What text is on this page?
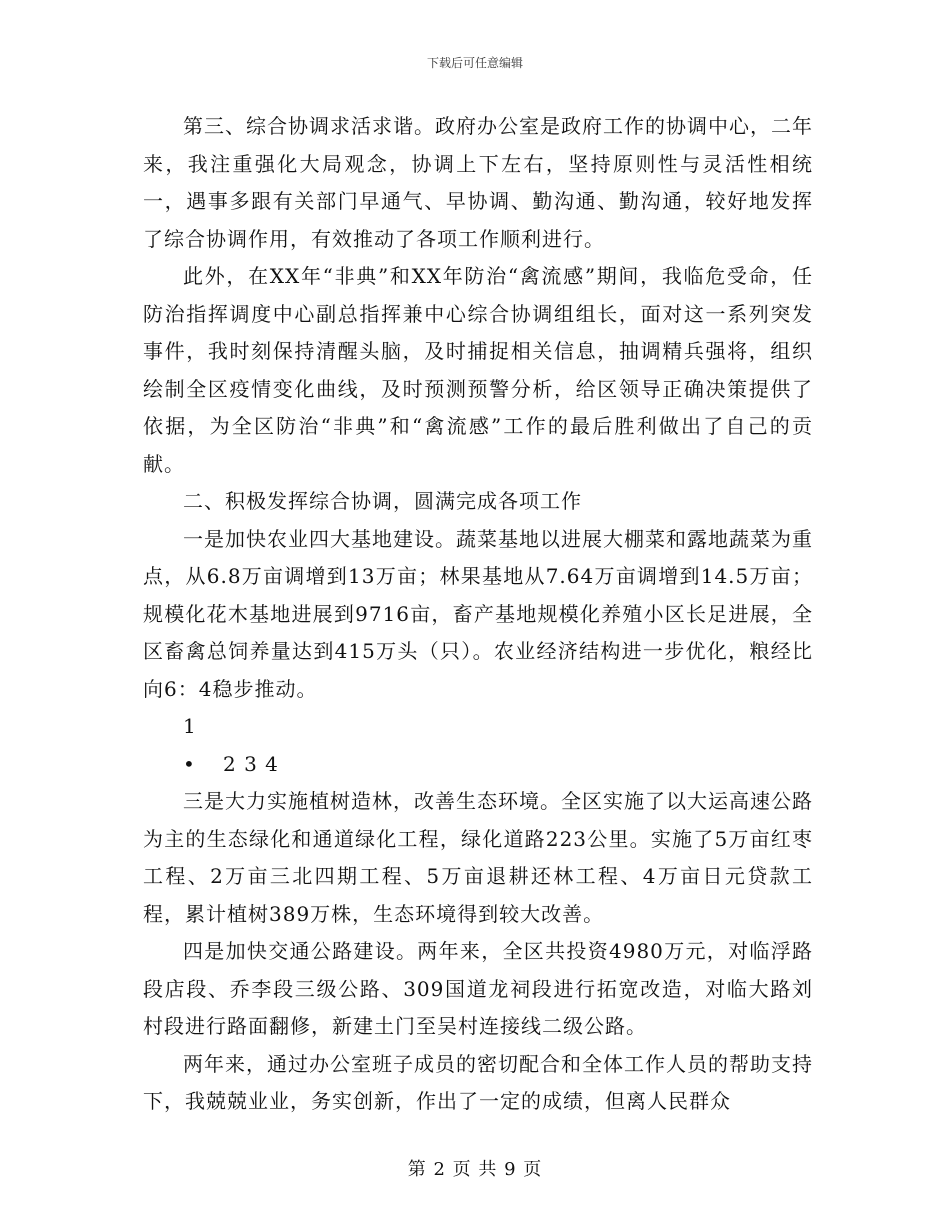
下载后可任意编辑

第三、综合协调求活求谐。政府办公室是政府工作的协调中心，二年来，我注重强化大局观念，协调上下左右，坚持原则性与灵活性相统一，遇事多跟有关部门早通气、早协调、勤沟通、勤沟通，较好地发挥了综合协调作用，有效推动了各项工作顺利进行。

此外，在XX年“非典”和XX年防治“禽流感”期间，我临危受命，任防治指挥调度中心副总指挥兼中心综合协调组组长，面对这一系列突发事件，我时刻保持清醒头脑，及时捕捉相关信息，抽调精兵强将，组织绘制全区疫情变化曲线，及时预测预警分析，给区领导正确决策提供了依据，为全区防治“非典”和“禽流感”工作的最后胜利做出了自己的贡献。

二、积极发挥综合协调，圆满完成各项工作

一是加快农业四大基地建设。蔬菜基地以进展大棚菜和露地蔬菜为重点，从6.8万亩调增到13万亩；林果基地从7.64万亩调增到14.5万亩；规模化花木基地进展到9716亩，畜产基地规模化养殖小区长足进展，全区畜禽总饲养量达到415万头（只）。农业经济结构进一步优化，粮经比向6：4稳步推动。

1

• 2 3 4

三是大力实施植树造林，改善生态环境。全区实施了以大运高速公路为主的生态绿化和通道绿化工程，绿化道路223公里。实施了5万亩红枣工程、2万亩三北四期工程、5万亩退耕还林工程、4万亩日元贷款工程，累计植树389万株，生态环境得到较大改善。

四是加快交通公路建设。两年来，全区共投资4980万元，对临浮路段店段、乔李段三级公路、309国道龙祠段进行拓宽改造，对临大路刘村段进行路面翻修，新建土门至吴村连接线二级公路。

两年来，通过办公室班子成员的密切配合和全体工作人员的帮助支持下，我兢兢业业，务实创新，作出了一定的成绩，但离人民群众

第 2 页 共 9 页
